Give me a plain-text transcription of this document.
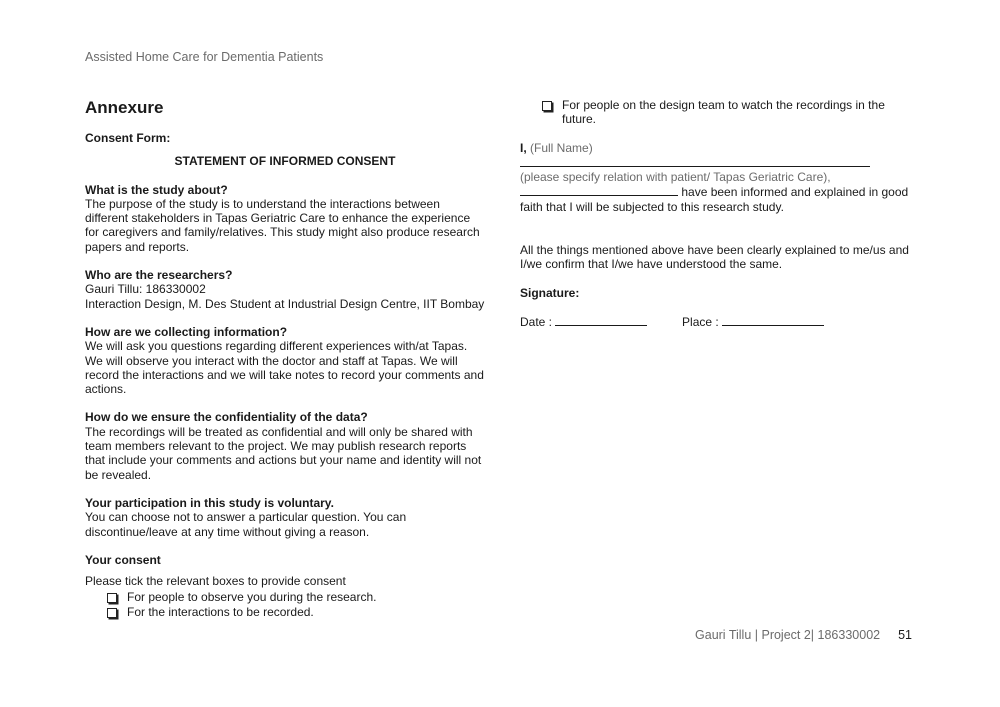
Assisted Home Care for Dementia Patients
Annexure

Consent Form:

STATEMENT OF INFORMED CONSENT

What is the study about?

The purpose of the study is to understand the interactions between different stakeholders in Tapas Geriatric Care to enhance the experience for caregivers and family/relatives. This study might also produce research papers and reports.

Who are the researchers?

Gauri Tillu: 186330002

Interaction Design, M. Des Student at Industrial Design Centre, IIT Bombay

How are we collecting information?

We will ask you questions regarding different experiences with/at Tapas. We will observe you interact with the doctor and staff at Tapas. We will record the interactions and we will take notes to record your comments and actions.

How do we ensure the confidentiality of the data?

The recordings will be treated as confidential and will only be shared with team members relevant to the project. We may publish research reports that include your comments and actions but your name and identity will not be revealed.

Your participation in this study is voluntary.

You can choose not to answer a particular question. You can discontinue/leave at any time without giving a reason.

Your consent

Please tick the relevant boxes to provide consent

For people to observe you during the research.
For the interactions to be recorded.
For people on the design team to watch the recordings in the future.

I, (Full Name)

(please specify relation with patient/ Tapas Geriatric Care),

have been informed and explained in good faith that I will be subjected to this research study.

All the things mentioned above have been clearly explained to me/us and I/we confirm that I/we have understood the same.

Signature:

Date :	Place :

Gauri Tillu | Project 2| 186330002 51
